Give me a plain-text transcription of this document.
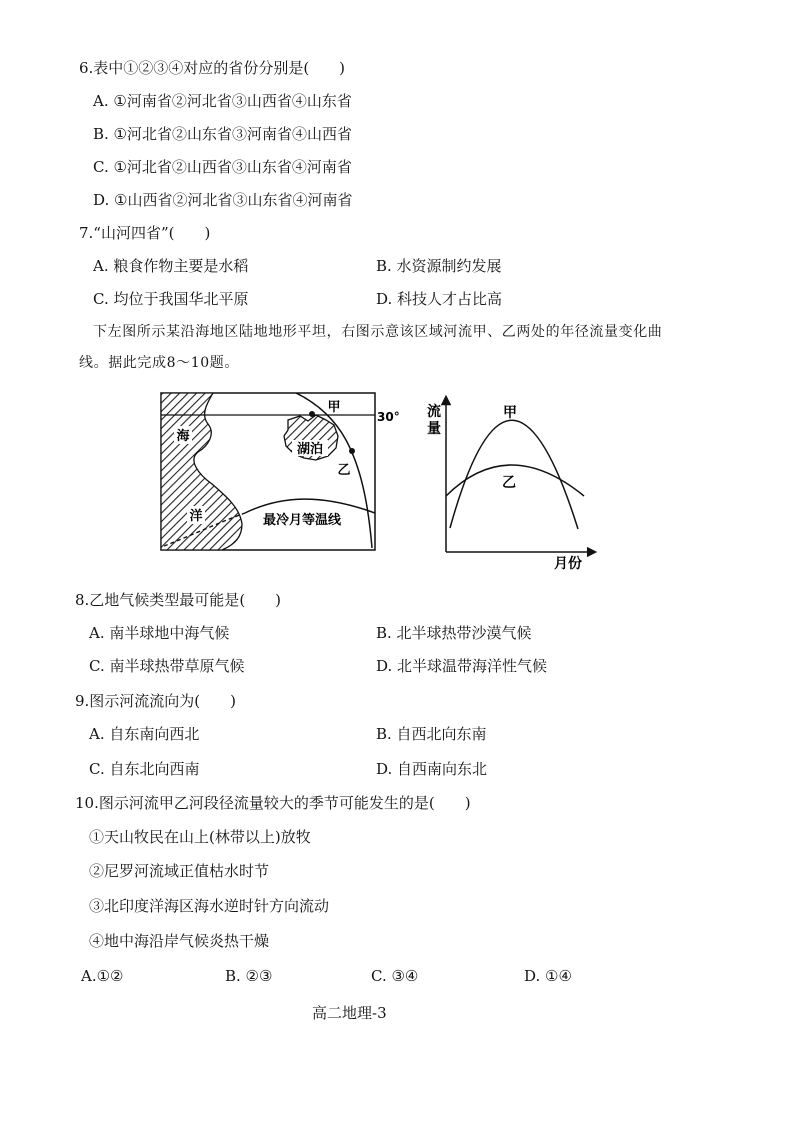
6.表中①②③④对应的省份分别是(　　)
A. ①河南省②河北省③山西省④山东省
B. ①河北省②山东省③河南省④山西省
C. ①河北省②山西省③山东省④河南省
D. ①山西省②河北省③山东省④河南省
7.“山河四省”(　　)
A. 粮食作物主要是水稻	B. 水资源制约发展
C. 均位于我国华北平原	D. 科技人才占比高
下左图所示某沿海地区陆地地形平坦，右图示意该区域河流甲、乙两处的年径流量变化曲
线。据此完成8～10题。
海
洋
湖泊
甲
乙
30°
最冷月等温线
流
量
月份
甲
乙
8.乙地气候类型最可能是(　　)
A. 南半球地中海气候	B. 北半球热带沙漠气候
C. 南半球热带草原气候	D. 北半球温带海洋性气候
9.图示河流流向为(　　)
A. 自东南向西北	B. 自西北向东南
C. 自东北向西南	D. 自西南向东北
10.图示河流甲乙河段径流量较大的季节可能发生的是(　　)
①天山牧民在山上(林带以上)放牧
②尼罗河流域正值枯水时节
③北印度洋海区海水逆时针方向流动
④地中海沿岸气候炎热干燥
A.①②	B. ②③	C. ③④	D. ①④
高二地理-3
